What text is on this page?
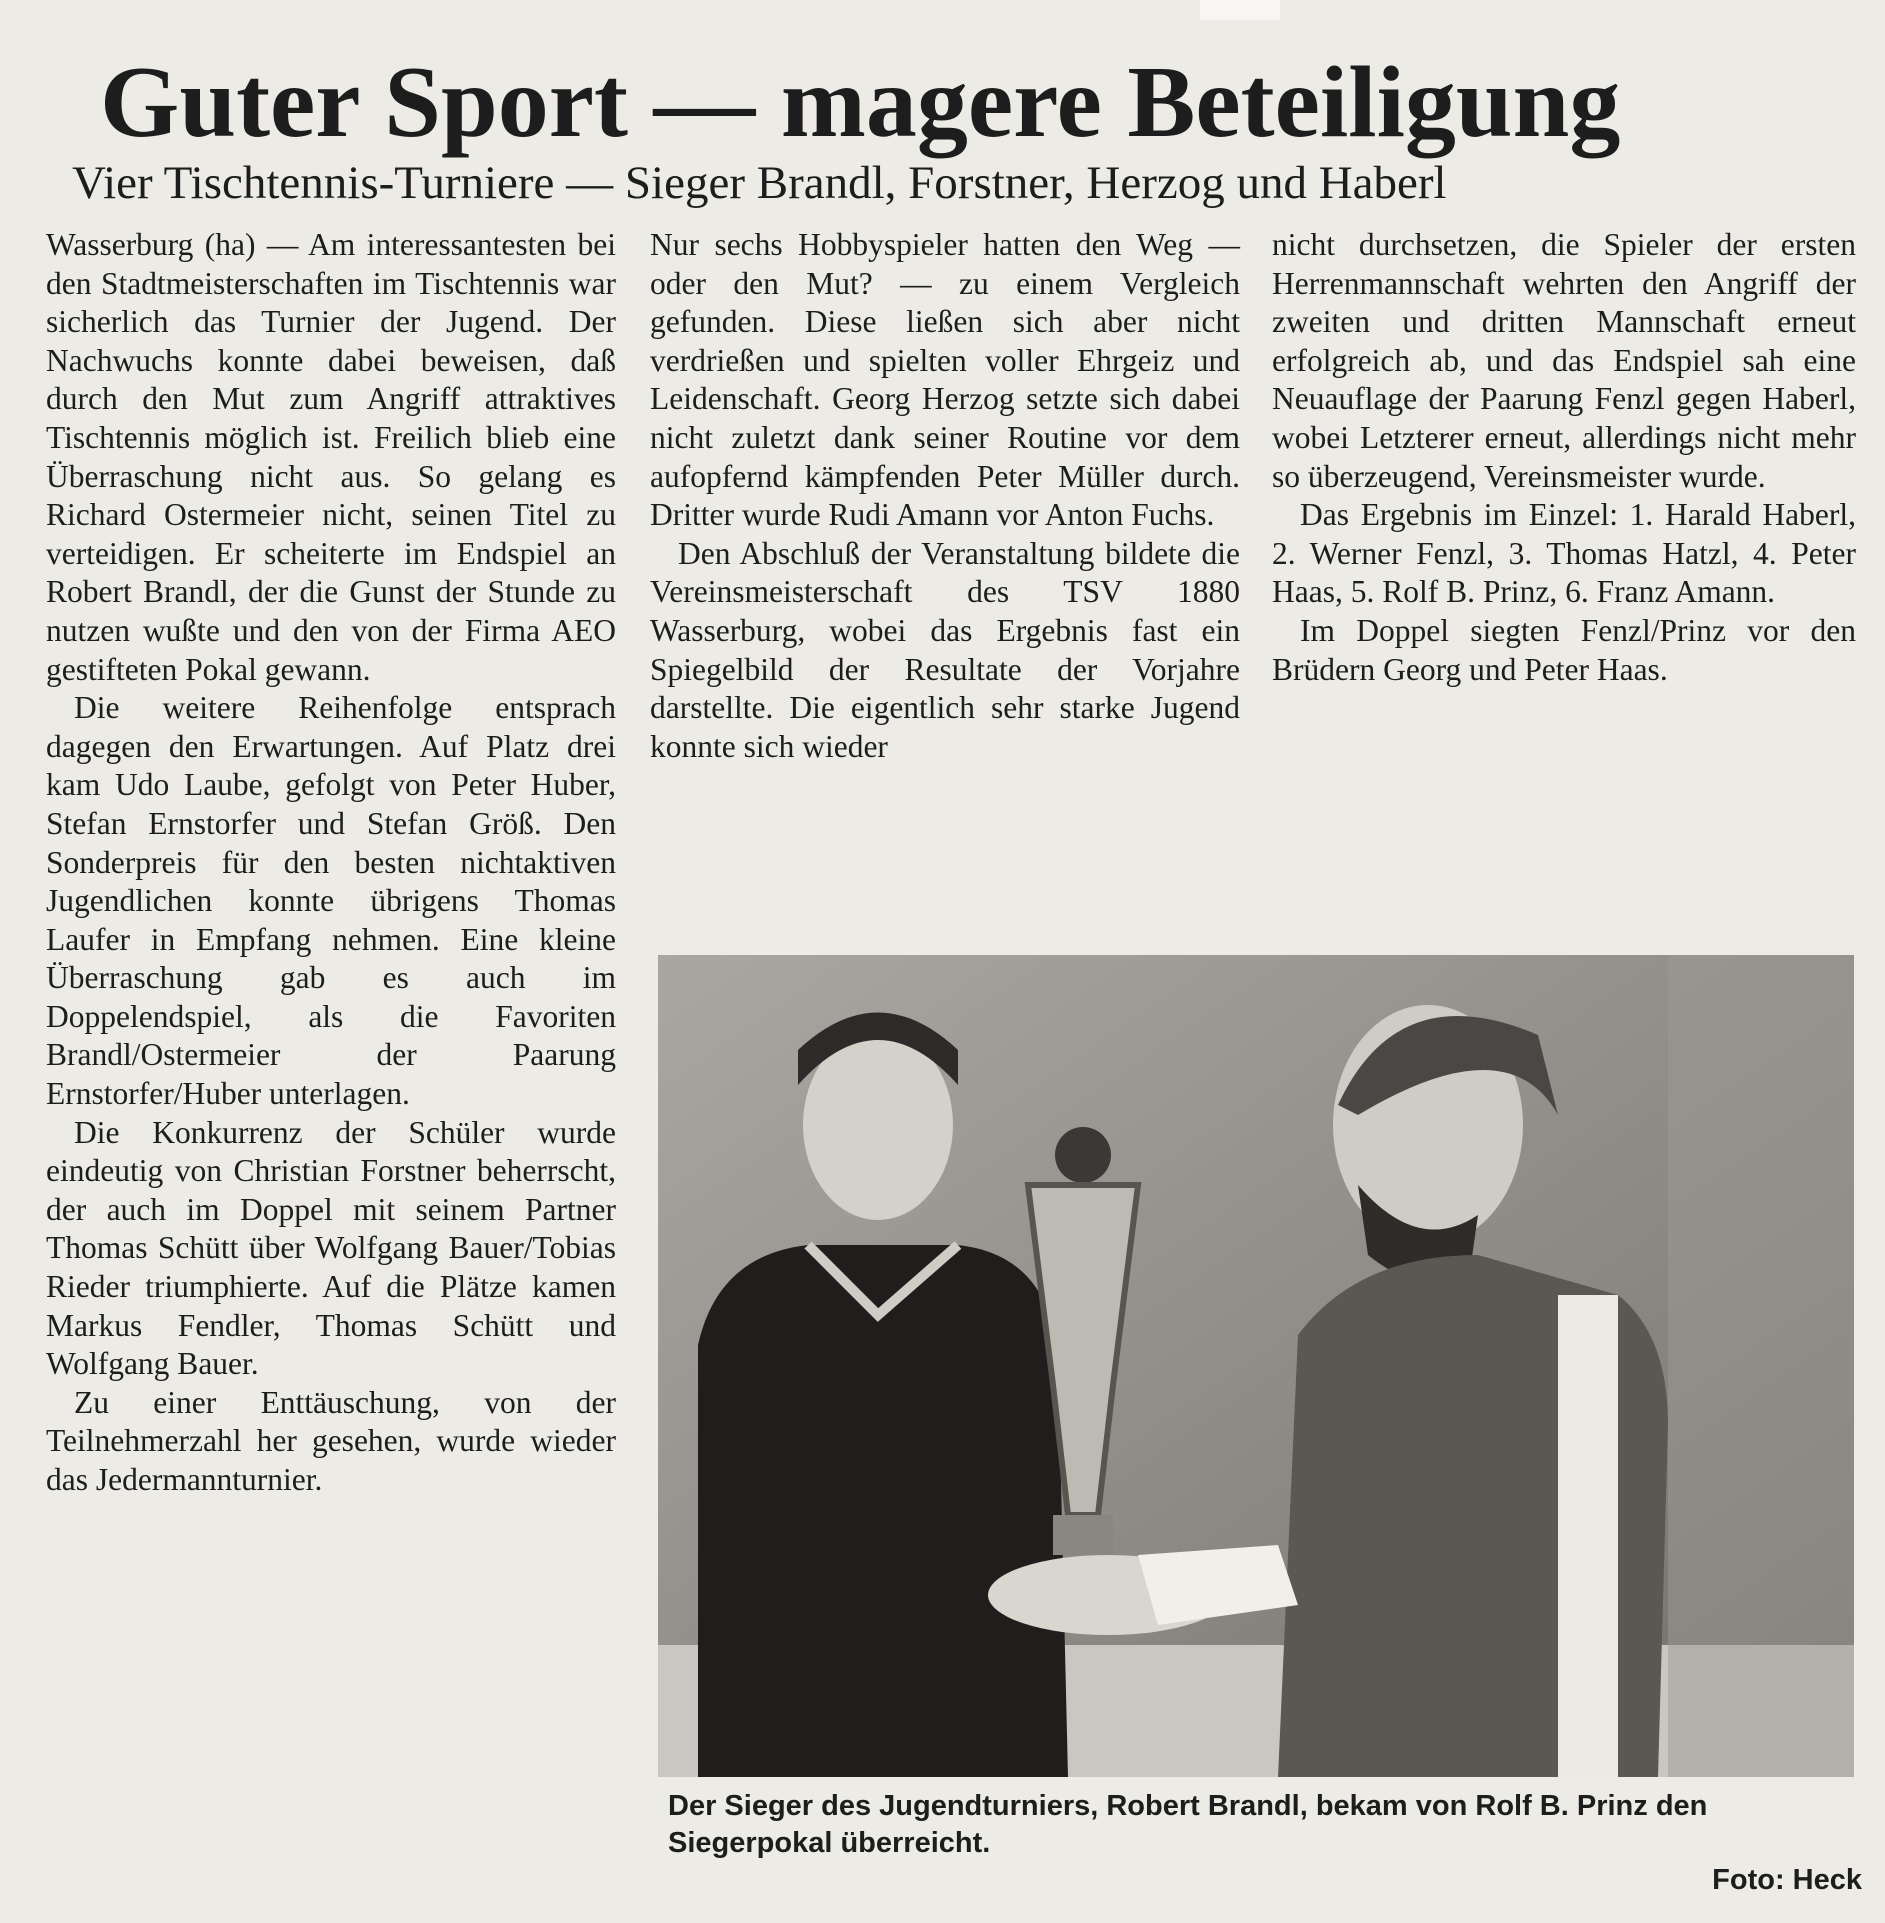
Guter Sport — magere Beteiligung
Vier Tischtennis-Turniere — Sieger Brandl, Forstner, Herzog und Haberl

Wasserburg (ha) — Am interessantesten bei den Stadtmeisterschaften im Tischtennis war sicherlich das Turnier der Jugend. Der Nachwuchs konnte dabei beweisen, daß durch den Mut zum Angriff attraktives Tischtennis möglich ist. Freilich blieb eine Überraschung nicht aus. So gelang es Richard Ostermeier nicht, seinen Titel zu verteidigen. Er scheiterte im Endspiel an Robert Brandl, der die Gunst der Stunde zu nutzen wußte und den von der Firma AEO gestifteten Pokal gewann.

Die weitere Reihenfolge entsprach dagegen den Erwartungen. Auf Platz drei kam Udo Laube, gefolgt von Peter Huber, Stefan Ernstorfer und Stefan Größ. Den Sonderpreis für den besten nichtaktiven Jugendlichen konnte übrigens Thomas Laufer in Empfang nehmen. Eine kleine Überraschung gab es auch im Doppelendspiel, als die Favoriten Brandl/Ostermeier der Paarung Ernstorfer/Huber unterlagen.

Die Konkurrenz der Schüler wurde eindeutig von Christian Forstner beherrscht, der auch im Doppel mit seinem Partner Thomas Schütt über Wolfgang Bauer/Tobias Rieder triumphierte. Auf die Plätze kamen Markus Fendler, Thomas Schütt und Wolfgang Bauer.

Zu einer Enttäuschung, von der Teilnehmerzahl her gesehen, wurde wieder das Jedermannturnier.

Nur sechs Hobbyspieler hatten den Weg — oder den Mut? — zu einem Vergleich gefunden. Diese ließen sich aber nicht verdrießen und spielten voller Ehrgeiz und Leidenschaft. Georg Herzog setzte sich dabei nicht zuletzt dank seiner Routine vor dem aufopfernd kämpfenden Peter Müller durch. Dritter wurde Rudi Amann vor Anton Fuchs.

Den Abschluß der Veranstaltung bildete die Vereinsmeisterschaft des TSV 1880 Wasserburg, wobei das Ergebnis fast ein Spiegelbild der Resultate der Vorjahre darstellte. Die eigentlich sehr starke Jugend konnte sich wieder

nicht durchsetzen, die Spieler der ersten Herrenmannschaft wehrten den Angriff der zweiten und dritten Mannschaft erneut erfolgreich ab, und das Endspiel sah eine Neuauflage der Paarung Fenzl gegen Haberl, wobei Letzterer erneut, allerdings nicht mehr so überzeugend, Vereinsmeister wurde.

Das Ergebnis im Einzel: 1. Harald Haberl, 2. Werner Fenzl, 3. Thomas Hatzl, 4. Peter Haas, 5. Rolf B. Prinz, 6. Franz Amann.

Im Doppel siegten Fenzl/Prinz vor den Brüdern Georg und Peter Haas.

Der Sieger des Jugendturniers, Robert Brandl, bekam von Rolf B. Prinz den Siegerpokal überreicht.
Foto: Heck
